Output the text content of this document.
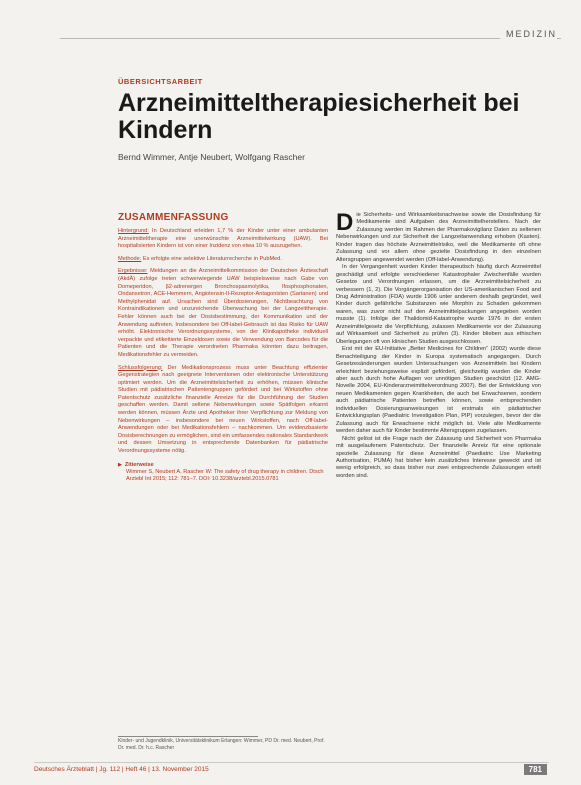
MEDIZIN
ÜBERSICHTSARBEIT
Arzneimitteltherapiesicherheit bei Kindern
Bernd Wimmer, Antje Neubert, Wolfgang Rascher
ZUSAMMENFASSUNG

Hintergrund: In Deutschland erleiden 1,7 % der Kinder unter einer ambulanten Arzneimitteltherapie eine unerwünschte Arzneimittelwirkung (UAW). Bei hospitalisierten Kindern ist von einer Inzidenz von etwa 10 % auszugehen.

Methode: Es erfolgte eine selektive Literaturrecherche in PubMed.

Ergebnisse: Meldungen an die Arzneimittelkommission der Deutschen Ärzteschaft (AkdÄ) zufolge treten schwerwiegende UAW beispielsweise nach Gabe von Domeperidon, β2-adrenergen Bronchospasmolytika, Ifosphosphonaten, Ondansetron, ACE-Hemmern, Angiotensin-II-Rezeptor-Antagonisten (Sartanen) und Methylphenidat auf. Ursachen sind Überdosierungen, Nichtbeachtung von Kontraindikationen und unzureichende Überwachung bei der Langzeittherapie. Fehler können auch bei der Dosisbestimmung, der Kommunikation und der Anwendung auftreten. Insbesondere bei Off-label-Gebrauch ist das Risiko für UAW erhöht. Elektronische Verordnungssysteme, von der Klinikapotheke individuell verpackte und etikettierte Einzeldosen sowie die Verwendung von Barcodes für die Patienten und die Therapie verordneten Pharmaka könnten dazu beitragen, Medikationsfehler zu vermeiden.

Schlussfolgerung: Der Medikationsprozess muss unter Beachtung effizienter Gegenstrategien nach geeignete Interventionen oder elektronische Unterstützung optimiert werden. Um die Arzneimittelsicherheit zu erhöhen, müssen klinische Studien mit pädiatrischen Patientengruppen gefördert und bei Wirkstoffen ohne Patentschutz zusätzliche finanzielle Anreize für die Durchführung der Studien geschaffen werden. Damit seltene Nebenwirkungen sowie Spätfolgen erkannt werden können, müssen Ärzte und Apotheker ihrer Verpflichtung zur Meldung von Nebenwirkungen – insbesondere bei neuen Wirkstoffen, nach Off-label-Anwendungen oder bei Medikationsfehlern – nachkommen. Um evidenzbasierte Dosisberechnungen zu ermöglichen, sind ein umfassendes nationales Standardwerk und dessen Umsetzung in entsprechende Datenbanken für pädiatrische Verordnungssysteme nötig.

▶ Zitierweise
Wimmer S, Neubert A, Rascher W: The safety of drug therapy in children. Dtsch Arztebl Int 2015; 112: 781–7. DOI: 10.3238/arztebl.2015.0781
Kinder- und Jugendklinik, Universitätsklinikum Erlangen: Wimmer, PD Dr. med. Neubert, Prof. Dr. med. Dr. h.c. Rascher

Die Sicherheits- und Wirksamkeitsnachweise sowie die Dosisfindung für Medikamente sind Aufgaben des Arzneimittelherstellers. Nach der Zulassung werden im Rahmen der Pharmakovigilanz Daten zu seltenen Nebenwirkungen und zur Sicherheit der Langzeitanwendung erhoben (Kasten). Kinder tragen das höchste Arzneimittelrisiko, weil die Medikamente oft ohne Zulassung und vor allem ohne gezielte Dosisfindung in den einzelnen Altersgruppen angewendet werden (Off-label-Anwendung).

In der Vergangenheit wurden Kinder therapeutisch häufig durch Arzneimittel geschädigt und erfolgte verschiedener Katastrophaler Zwischenfälle wurden Gesetze und Verordnungen erlassen, um die Arzneimittelsicherheit zu verbessern (1, 2). Die Vorgängerorganisation der US-amerikanischen Food and Drug Administration (FDA) wurde 1906 unter anderem deshalb gegründet, weil Kinder durch gefährliche Substanzen wie Morphin zu Schaden gekommen waren, was zuvor nicht auf den Arzneimittelpackungen angegeben worden musste (1). Infolge der Thalidomid-Katastrophe wurde 1976 in der ersten Arzneimittelgesetz die Verpflichtung, zulassen Medikamente vor der Zulassung auf Wirksamkeit und Sicherheit zu prüfen (3). Kinder blieben aus ethischen Überlegungen oft von klinischen Studien ausgeschlossen.

Erst mit der EU-Initiative „Better Medicines for Children“ (2002) wurde diese Benachteiligung der Kinder in Europa systematisch angegangen. Durch Gesetzesänderungen wurden Untersuchungen von Arzneimitteln bei Kindern erleichtert beziehungsweise explizit gefördert, gleichzeitig wurden die Kinder aber auch durch hohe Auflagen vor unnötigen Studien geschützt (12. AMG-Novelle 2004, EU-Kinderarzneimittelverordnung 2007). Bei der Entwicklung von neuen Medikamenten gegen Krankheiten, die auch bei Erwachsenen, sondern auch pädiatrische Patienten betreffen können, sowie entsprechenden individuellen Dosierungsanweisungen ist erstmals ein pädiatrischer Entwicklungsplan (Paediatric Investigation Plan, PIP) vorzulegen, bevor der die Zulassung auch für Erwachsene nicht möglich ist. Viele alte Medikamente werden daher auch für Kinder bestimmte Altersgruppen zugelassen.

Nicht gelöst ist die Frage nach der Zulassung und Sicherheit von Pharmaka mit ausgelaufenem Patentschutz. Der finanzielle Anreiz für eine optionale spezielle Zulassung für diese Arzneimittel (Paediatric Use Marketing Authorisation, PUMA) hat bisher kein zusätzliches Interesse geweckt und ist wenig erfolgreich, so dass bisher nur zwei entsprechende Zulassungen erteilt worden sind.

Deutsches Ärzteblatt | Jg. 112 | Heft 46 | 13. November 2015	781
